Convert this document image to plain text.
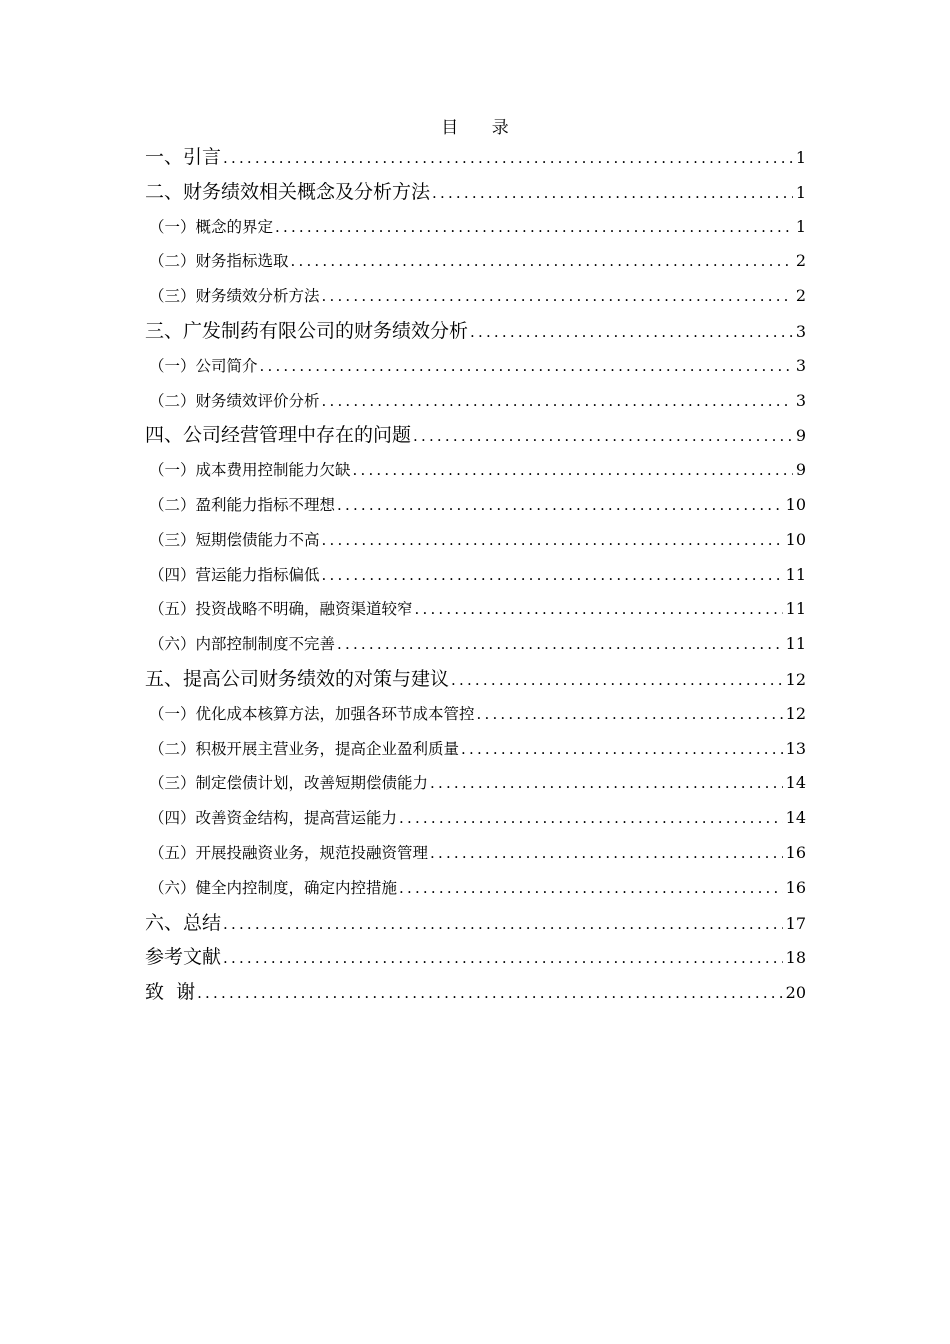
目 录
一、引言 .....	1
二、财务绩效相关概念及分析方法 .....	1
（一）概念的界定 .....	1
（二）财务指标选取 .....	2
（三）财务绩效分析方法 .....	2
三、广发制药有限公司的财务绩效分析 .....	3
（一）公司简介 .....	3
（二）财务绩效评价分析 .....	3
四、公司经营管理中存在的问题 .....	9
（一）成本费用控制能力欠缺 .....	9
（二）盈利能力指标不理想 .....	10
（三）短期偿债能力不高 .....	10
（四）营运能力指标偏低 .....	11
（五）投资战略不明确，融资渠道较窄 .....	11
（六）内部控制制度不完善 .....	11
五、提高公司财务绩效的对策与建议 .....	12
（一）优化成本核算方法，加强各环节成本管控 .....	12
（二）积极开展主营业务，提高企业盈利质量 .....	13
（三）制定偿债计划，改善短期偿债能力 .....	14
（四）改善资金结构，提高营运能力 .....	14
（五）开展投融资业务，规范投融资管理 .....	16
（六）健全内控制度，确定内控措施 .....	16
六、总结 .....	17
参考文献 .....	18
致  谢 .....	20
